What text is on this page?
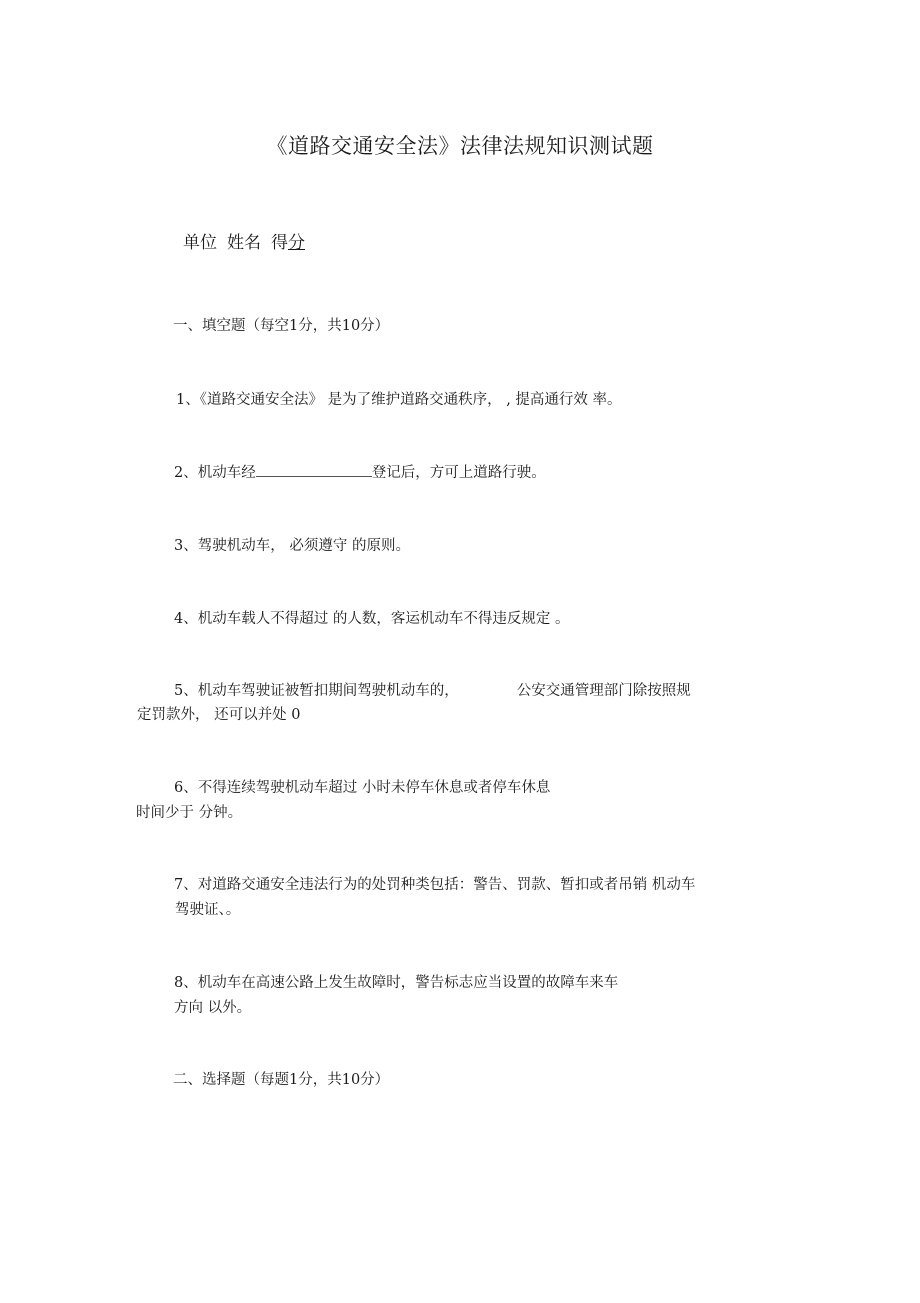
《道路交通安全法》法律法规知识测试题
单位 姓名 得分

一、填空题（每空1分，共10分）

1、《道路交通安全法》 是为了维护道路交通秩序， , 提高通行效 率。

2、机动车经	登记后，方可上道路行驶。

3、驾驶机动车， 必须遵守 的原则。

4、机动车载人不得超过 的人数，客运机动车不得违反规定 。

5、机动车驾驶证被暂扣期间驾驶机动车的，	公安交通管理部门除按照规

定罚款外， 还可以并处 0

6、不得连续驾驶机动车超过 小时未停车休息或者停车休息

时间少于 分钟。

7、对道路交通安全违法行为的处罚种类包括：警告、罚款、暂扣或者吊销 机动车

驾驶证、。

8、机动车在高速公路上发生故障时，警告标志应当设置的故障车来车

方向 以外。

二、选择题（每题1分，共10分）
